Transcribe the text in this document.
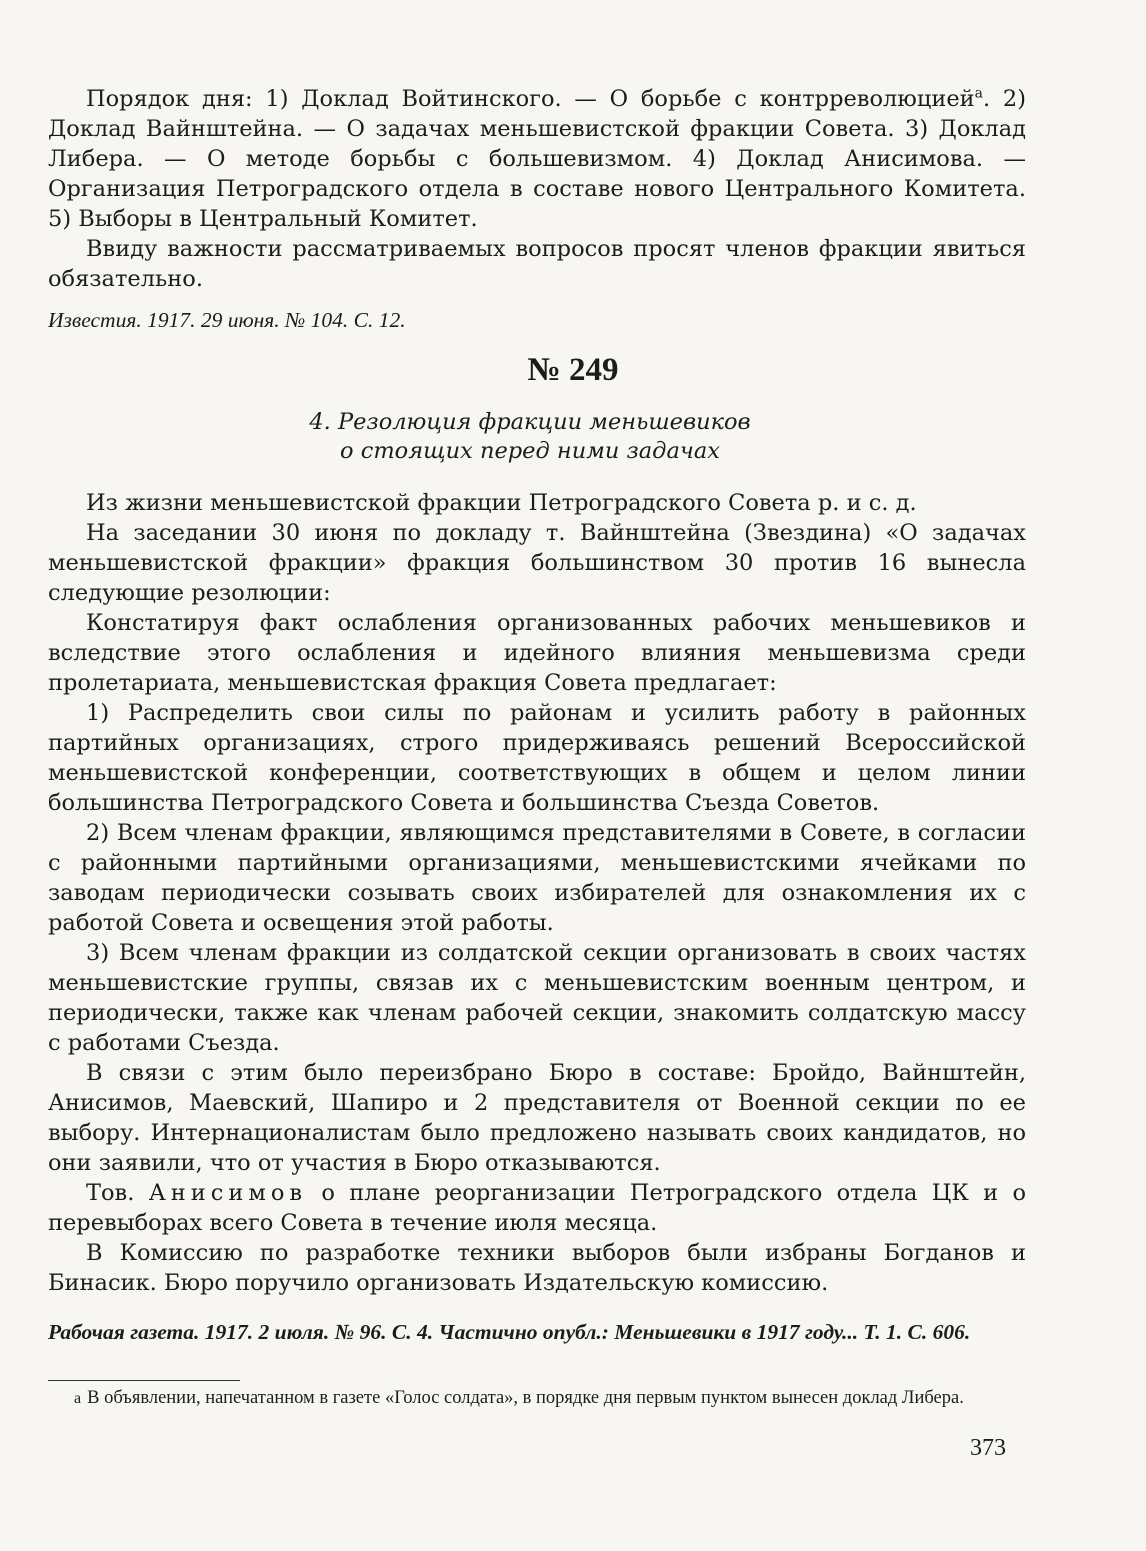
Порядок дня: 1) Доклад Войтинского. — О борьбе с контрреволюцией$^а$. 2) Доклад Вайнштейна. — О задачах меньшевистской фракции Совета. 3) Доклад Либера. — О методе борьбы с большевизмом. 4) Доклад Анисимова. — Организация Петроградского отдела в составе нового Центрального Комитета. 5) Выборы в Центральный Комитет.

Ввиду важности рассматриваемых вопросов просят членов фракции явиться обязательно.

Известия. 1917. 29 июня. № 104. С. 12.

№ 249
4. Резолюция фракции меньшевиков
о стоящих перед ними задачах

Из жизни меньшевистской фракции Петроградского Совета р. и с. д.

На заседании 30 июня по докладу т. Вайнштейна (Звездина) «О задачах меньшевистской фракции» фракция большинством 30 против 16 вынесла следующие резолюции:

Констатируя факт ослабления организованных рабочих меньшевиков и вследствие этого ослабления и идейного влияния меньшевизма среди пролетариата, меньшевистская фракция Совета предлагает:

1) Распределить свои силы по районам и усилить работу в районных партийных организациях, строго придерживаясь решений Всероссийской меньшевистской конференции, соответствующих в общем и целом линии большинства Петроградского Совета и большинства Съезда Советов.

2) Всем членам фракции, являющимся представителями в Совете, в согласии с районными партийными организациями, меньшевистскими ячейками по заводам периодически созывать своих избирателей для ознакомления их с работой Совета и освещения этой работы.

3) Всем членам фракции из солдатской секции организовать в своих частях меньшевистские группы, связав их с меньшевистским военным центром, и периодически, также как членам рабочей секции, знакомить солдатскую массу с работами Съезда.

В связи с этим было переизбрано Бюро в составе: Бройдо, Вайнштейн, Анисимов, Маевский, Шапиро и 2 представителя от Военной секции по ее выбору. Интернационалистам было предложено называть своих кандидатов, но они заявили, что от участия в Бюро отказываются.

Тов. Анисимов о плане реорганизации Петроградского отдела ЦК и о перевыборах всего Совета в течение июля месяца.

В Комиссию по разработке техники выборов были избраны Богданов и Бинасик. Бюро поручило организовать Издательскую комиссию.

Рабочая газета. 1917. 2 июля. № 96. С. 4. Частично опубл.: Меньшевики в 1917 году... Т. 1. С. 606.

а В объявлении, напечатанном в газете «Голос солдата», в порядке дня первым пунктом вынесен доклад Либера.

373
